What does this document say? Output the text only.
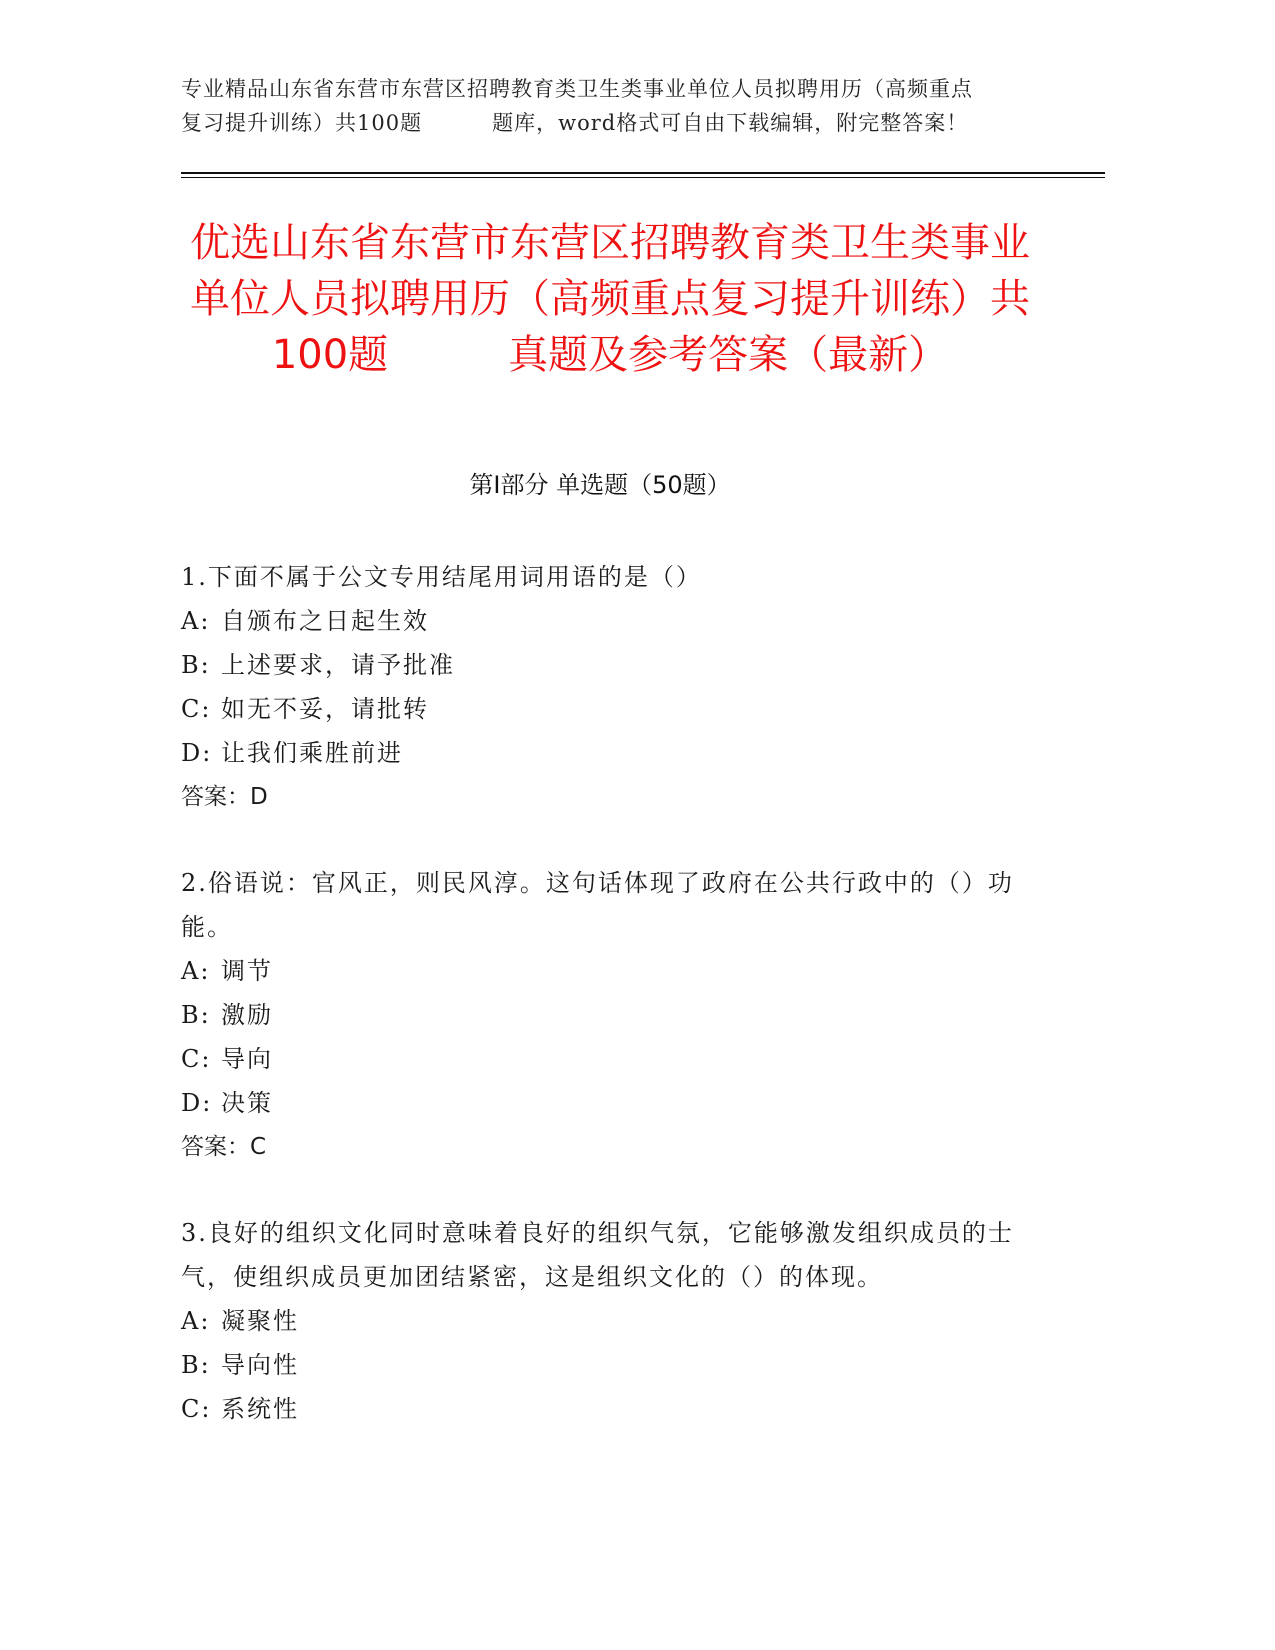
专业精品山东省东营市东营区招聘教育类卫生类事业单位人员拟聘用历（高频重点
复习提升训练）共100题	题库，word格式可自由下载编辑，附完整答案！
优选山东省东营市东营区招聘教育类卫生类事业单位人员拟聘用历（高频重点复习提升训练）共100题	真题及参考答案（最新）
第Ⅰ部分 单选题（50题）
1.下面不属于公文专用结尾用词用语的是（）
A: 自颁布之日起生效
B: 上述要求，请予批准
C: 如无不妥，请批转
D: 让我们乘胜前进
答案：D
2.俗语说：官风正，则民风淳。这句话体现了政府在公共行政中的（）功能。
A: 调节
B: 激励
C: 导向
D: 决策
答案：C
3.良好的组织文化同时意味着良好的组织气氛，它能够激发组织成员的士气，使组织成员更加团结紧密，这是组织文化的（）的体现。
A: 凝聚性
B: 导向性
C: 系统性
